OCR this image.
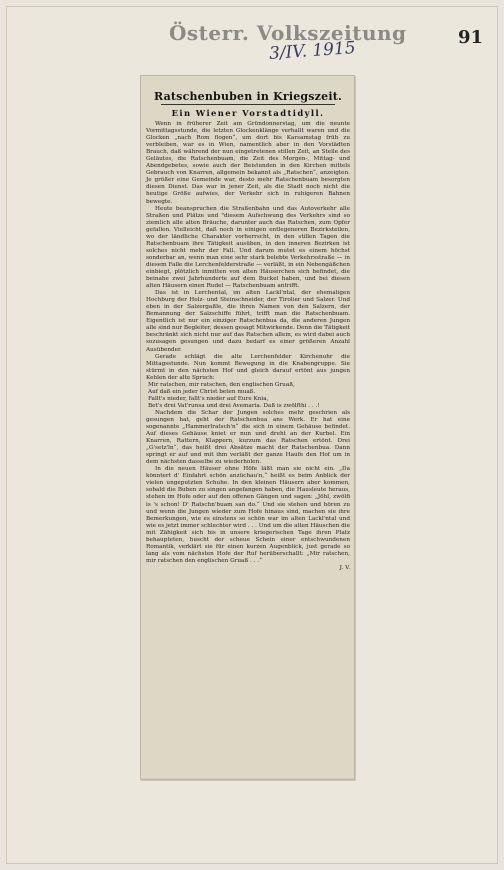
Österr. Volkszeitung
3/IV. 1915
91
Ratschenbuben in Kriegszeit.
Ein Wiener Vorstadtidyll.

Wenn in früherer Zeit am Gründonnerstag, um die neunte Vormittagsstunde, die letzten Glockenklänge verhallt waren und die Glocken „nach Rom flogen“, um dort bis Karsamstag früh zu verbleiben, war es in Wien, namentlich aber in den Vorstädten Brauch, daß während der nun eingetretenen stillen Zeit, an Stelle des Geläutes, die Ratschenbuam, die Zeit des Morgen-, Mittag- und Abendgebetes, sowie auch der Beistunden in den Kirchen mittels Gebrauch von Knarren, allgemein bekannt als „Ratschen“, anzeigten. Je größer eine Gemeinde war, desto mehr Ratschenbuam besorgten diesen Dienst. Das war in jener Zeit, als die Stadt noch nicht die heutige Größe aufwies, der Verkehr sich in ruhigeren Bahnen bewegte.

Heute beanspruchen die Straßenbahn und das Autoverkehr alle Straßen und Plätze und "diesem Aufschwung des Verkehrs sind so ziemlich alle alten Bräuche, darunter auch das Ratschen, zum Opfer gefallen. Vielleicht, daß noch in einigen entlegeneren Bezirksteilen, wo der ländliche Charakter vorherrscht, in den stillen Tagen die Ratschenbuam ihre Tätigkeit ausüben, in den inneren Bezirken ist solches nicht mehr der Fall. Und darum mutet es einem höchst sonderbar an, wenn man eine sehr stark belebte Verkehrsstraße — in diesem Falle die Lerchenfelderstraße — verläßt, in ein Nebengäßchen einbiegt, plötzlich inmitten von alten Häuserchen sich befindet, die beinahe zwei Jahrhunderte auf dem Buckel haben, und bei diesen alten Häusern einen Rudel — Ratschenbuam antrifft.

Das ist in Lerchental, im alten Lackl'ntal, der ehemaligen Hochburg der Holz- und Steinschneider, der Tirolier und Salzer. Und eben in der Salzergaßle, die ihren Namen von den Salzern, der Bemannung der Salzschiffe führt, trifft man die Ratschenbuam. Eigentlich ist nur ein einziger Ratschenbua da, die anderen Jungen alle sind nur Begleiter, dessen gesagt Mitwirkende. Denn die Tätigkeit beschränkt sich nicht nur auf das Ratschen allein, es wird dabei auch sozusagen gesungen und dazu bedarf es einer größeren Anzahl Ausübender.

Gerade schlägt die alte Lerchenfelder Kirchenuhr die Mittagsstunde. Nun kommt Bewegung in die Knabengruppe. Sie stürmt in den nächsten Hof und gleich darauf ertönt aus jungen Kehlen der alte Spruch:

Mir ratschen, mir ratschen, den englischen Gruaß,

Auf daß ein jeder Christ beten muaß.

Fallt's nieder, fallt's nieder auf Eure Knia,

Bet's drei Vat'runsa und drei Avemaria. Daß is zwölfthi . . .!

Nachdem die Schar der Jungen solches mehr geschrien als gesungen hat, geht der Ratschenbua ans Werk. Er hat eine sogenannte „Hammerlratsch'n“ die sich in einem Gehäuse befindet. Auf dieses Gehäuse kniet er nun und dreht an der Kurbel. Ein Knarren, Rattern, Klappern, kurzum das Ratschen ertönt. Drei „G'setz'ln“, das heißt drei Absätze macht der Ratschenbua. Dann springt er auf und mit ihm verläßt der ganze Haufe den Hof um in dem nächsten dasselbe zu wiederholen.

In die neuen Häuser ohne Höfe läßt man sie nicht ein. „Da könntert d' Einfahrt schön anzüchau'n,“ heißt es beim Anblick der vielen ungeputzten Schuhe. In den kleinen Häusern aber kommen, sobald die Buben zu singen angefangen haben, die Hausleute heraus, stehen im Hofe oder auf den offenen Gängen und sagen: „Jöhl, zwölfi is 's schon! D' Ratschn'buam san do.“ Und sie stehen und hören zu und wenn die Jungen wieder zum Hofe hinaus sind, machen sie ihre Bemerkungen, wie es einstens so schön war im alten Lackl'ntal und wie es jetzt immer schlechter wird . . . Und um die alten Häuschen die mit Zähigkeit sich bis in unsere kriegerischen Tage ihren Platz behaupteten, huscht der scheue Schein einer entschwundenen Romantik, verklärt sie für einen kurzen Augenblick, just gerade so lang als vom nächsten Hofe der Ruf herüberschallt: „Mir ratschen, mir ratschen den englischen Gruaß . . .“

J. V.
